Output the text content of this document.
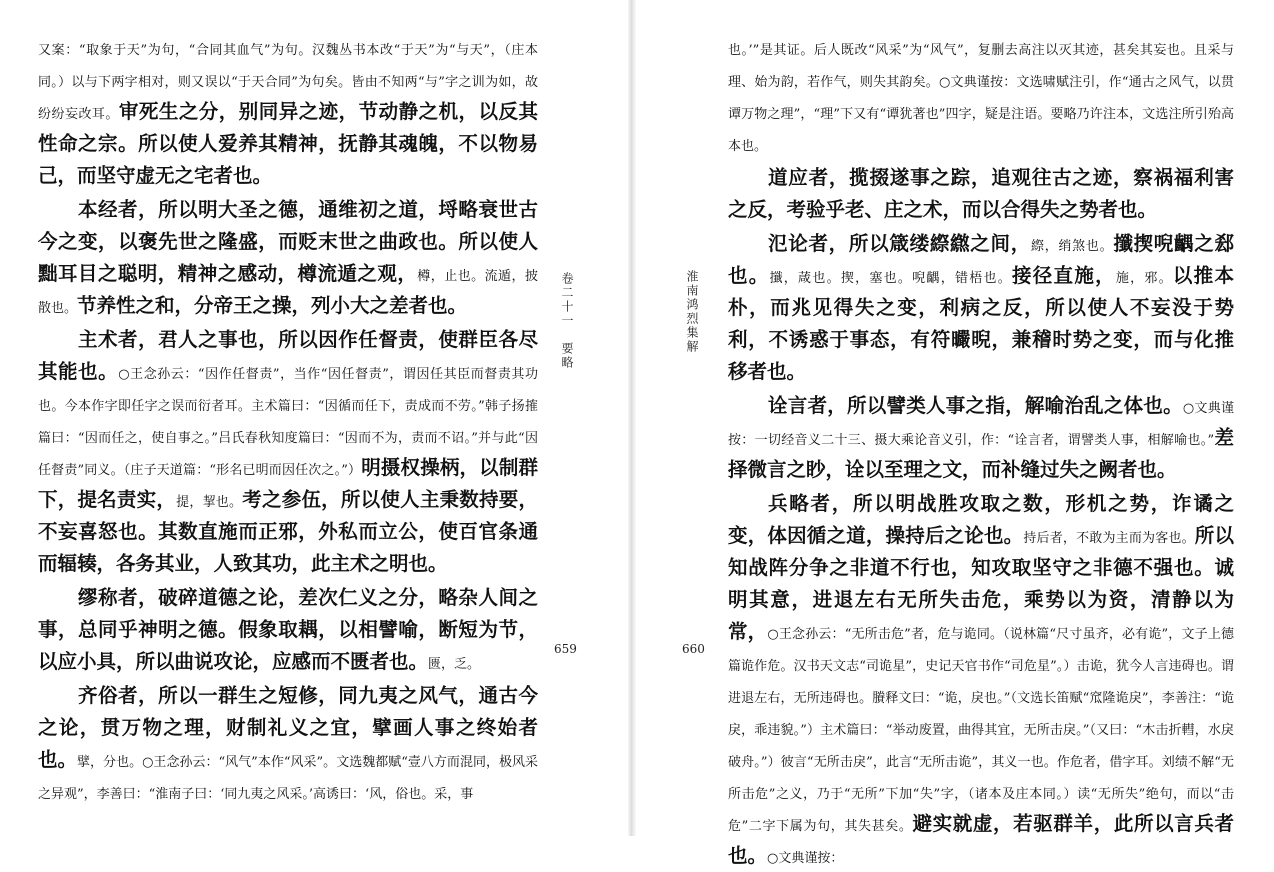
又案：“取象于天”为句，“合同其血气”为句。汉魏丛书本改“于天”为“与天”，（庄本同。）以与下两字相对，则又误以“于天合同”为句矣。皆由不知两“与”字之训为如，故纷纷妄改耳。审死生之分，别同异之迹，节动静之机，以反其性命之宗。所以使人爱养其精神，抚静其魂魄，不以物易己，而坚守虚无之宅者也。

本经者，所以明大圣之德，通维初之道，埒略衰世古今之变，以褒先世之隆盛，而贬末世之曲政也。所以使人黜耳目之聪明，精神之感动，樽流遁之观，樽，止也。流遁，披散也。节养性之和，分帝王之操，列小大之差者也。

主术者，君人之事也，所以因作任督责，使群臣各尽其能也。○王念孙云：“因作任督责”，当作“因任督责”，谓因任其臣而督责其功也。今本作字即任字之误而衍者耳。主术篇曰：“因循而任下，责成而不劳。”韩子扬搉篇曰：“因而任之，使自事之。”吕氏春秋知度篇曰：“因而不为，责而不诏。”并与此“因任督责”同义。（庄子天道篇：“形名已明而因任次之。”）明摄权操柄，以制群下，提名责实，提，挈也。考之参伍，所以使人主秉数持要，不妄喜怒也。其数直施而正邪，外私而立公，使百官条通而辐辏，各务其业，人致其功，此主术之明也。

缪称者，破碎道德之论，差次仁义之分，略杂人间之事，总同乎神明之德。假象取耦，以相譬喻，断短为节，以应小具，所以曲说攻论，应感而不匮者也。匮，乏。

齐俗者，所以一群生之短修，同九夷之风气，通古今之论，贯万物之理，财制礼义之宜，擘画人事之终始者也。擘，分也。○王念孙云：“风气”本作“风采”。文选魏都赋“壹八方而混同，极风采之异观”，李善曰：“淮南子曰：‘同九夷之风采。’高诱曰：‘风，俗也。采，事

卷二十一　要略
659

也。’”是其证。后人既改“风采”为“风气”，复删去高注以灭其迹，甚矣其妄也。且采与理、始为韵，若作气，则失其韵矣。○文典谨按：文选啸赋注引，作“通古之风气，以贯谭万物之理”，“理”下又有“谭犹著也”四字，疑是注语。要略乃许注本，文选注所引殆高本也。

道应者，揽掇遂事之踪，追观往古之迹，察祸福利害之反，考验乎老、庄之术，而以合得失之势者也。

氾论者，所以箴缕縩繺之间，縩，绡煞也。攕揳唲齵之郄也。攕，葴也。揳，塞也。唲齵，错梧也。接径直施，施，邪。以推本朴，而兆见得失之变，利病之反，所以使人不妄没于势利，不诱惑于事态，有符曮晲，兼稽时势之变，而与化推移者也。

诠言者，所以譬类人事之指，解喻治乱之体也。○文典谨按：一切经音义二十三、摄大乘论音义引，作：“诠言者，谓譬类人事，相解喻也。”差择微言之眇，诠以至理之文，而补缝过失之阙者也。

兵略者，所以明战胜攻取之数，形机之势，诈谲之变，体因循之道，操持后之论也。持后者，不敢为主而为客也。所以知战阵分争之非道不行也，知攻取坚守之非德不强也。诚明其意，进退左右无所失击危，乘势以为资，清静以为常，○王念孙云：“无所击危”者，危与诡同。（说林篇“尺寸虽齐，必有诡”，文子上德篇诡作危。汉书天文志“司诡星”，史记天官书作“司危星”。）击诡，犹今人言违碍也。谓进退左右，无所违碍也。賸释文曰：“诡，戾也。”（文选长笛赋“窊隆诡戾”，李善注：“诡戾，乖违貌。”）主术篇曰：“举动废置，曲得其宜，无所击戾。”（又曰：“木击折轊，水戾破舟。”）彼言“无所击戾”，此言“无所击诡”，其义一也。作危者，借字耳。刘绩不解“无所击危”之义，乃于“无所”下加“失”字，（诸本及庄本同。）读“无所失”绝句，而以“击危”二字下属为句，其失甚矣。避实就虚，若驱群羊，此所以言兵者也。○文典谨按：

淮南鸿烈集解
660
